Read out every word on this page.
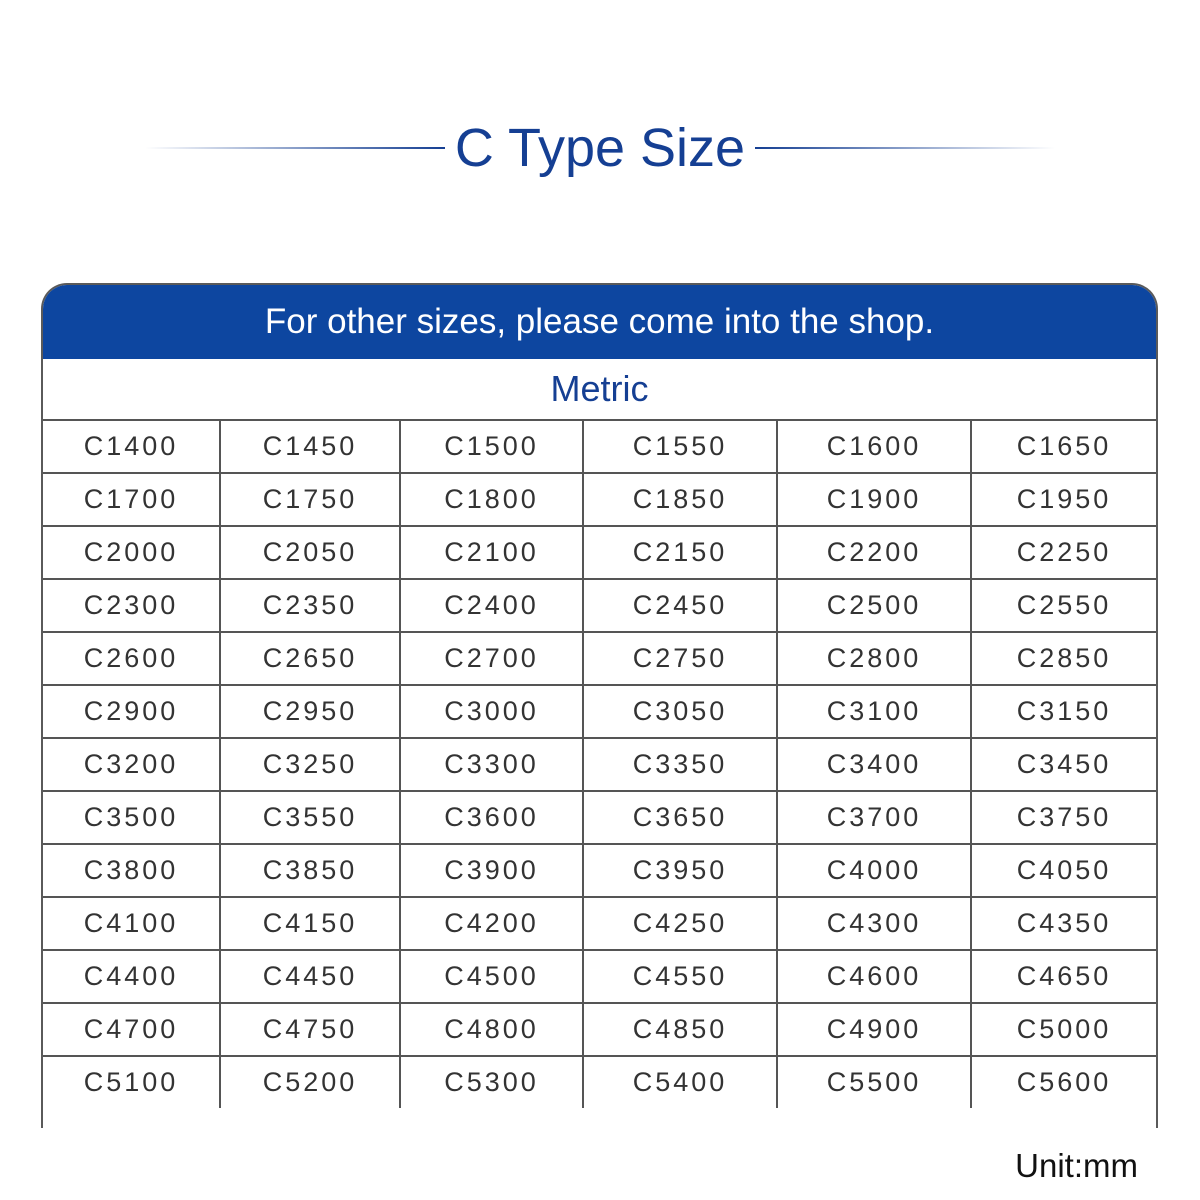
C Type Size
For other sizes, please come into the shop.
Metric
C1400	C1450	C1500	C1550	C1600	C1650
C1700	C1750	C1800	C1850	C1900	C1950
C2000	C2050	C2100	C2150	C2200	C2250
C2300	C2350	C2400	C2450	C2500	C2550
C2600	C2650	C2700	C2750	C2800	C2850
C2900	C2950	C3000	C3050	C3100	C3150
C3200	C3250	C3300	C3350	C3400	C3450
C3500	C3550	C3600	C3650	C3700	C3750
C3800	C3850	C3900	C3950	C4000	C4050
C4100	C4150	C4200	C4250	C4300	C4350
C4400	C4450	C4500	C4550	C4600	C4650
C4700	C4750	C4800	C4850	C4900	C5000
C5100	C5200	C5300	C5400	C5500	C5600
Unit:mm
